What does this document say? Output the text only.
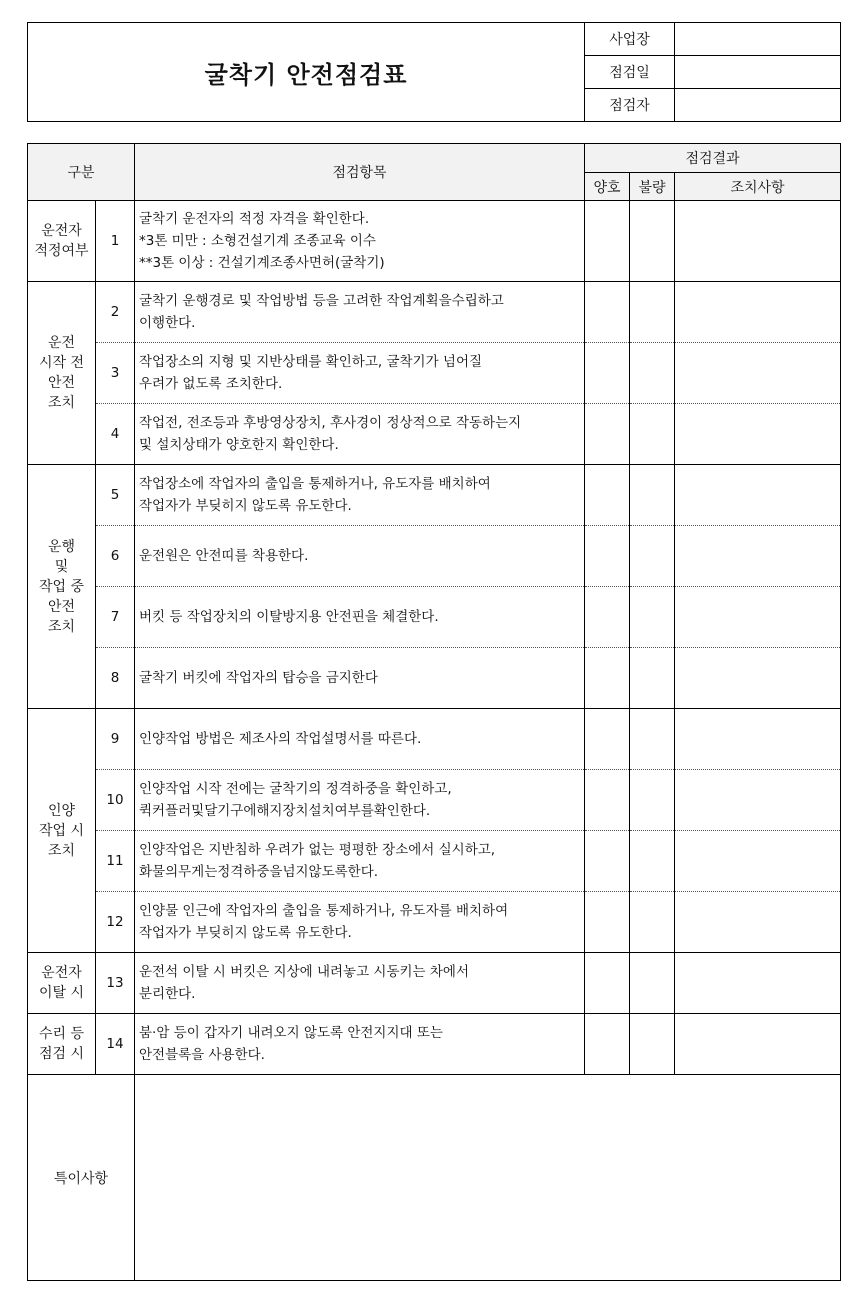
굴착기 안전점검표	사업장	
	점검일	
	점검자	
구분		점검항목	점검결과		
			양호	불량	조치사항
운전자
적정여부	1	굴착기 운전자의 적정 자격을 확인한다.
*3톤 미만 : 소형건설기계 조종교육 이수
**3톤 이상 : 건설기계조종사면허(굴착기)			
운전
시작 전
안전
조치	2	굴착기 운행경로 및 작업방법 등을 고려한 작업계획을수립하고
이행한다.			
	3	작업장소의 지형 및 지반상태를 확인하고, 굴착기가 넘어질
우려가 없도록 조치한다.			
	4	작업전, 전조등과 후방영상장치, 후사경이 정상적으로 작동하는지
및 설치상태가 양호한지 확인한다.			
운행
및
작업 중
안전
조치	5	작업장소에 작업자의 출입을 통제하거나, 유도자를 배치하여
작업자가 부딪히지 않도록 유도한다.			
	6	운전원은 안전띠를 착용한다.			
	7	버킷 등 작업장치의 이탈방지용 안전핀을 체결한다.			
	8	굴착기 버킷에 작업자의 탑승을 금지한다			
인양
작업 시
조치	9	인양작업 방법은 제조사의 작업설명서를 따른다.			
	10	인양작업 시작 전에는 굴착기의 정격하중을 확인하고,
퀵커플러및달기구에해지장치설치여부를확인한다.			
	11	인양작업은 지반침하 우려가 없는 평평한 장소에서 실시하고,
화물의무게는정격하중을넘지않도록한다.			
	12	인양물 인근에 작업자의 출입을 통제하거나, 유도자를 배치하여
작업자가 부딪히지 않도록 유도한다.			
운전자
이탈 시	13	운전석 이탈 시 버킷은 지상에 내려놓고 시동키는 차에서
분리한다.			
수리 등
점검 시	14	붐·암 등이 갑자기 내려오지 않도록 안전지지대 또는
안전블록을 사용한다.			
특이사항					
